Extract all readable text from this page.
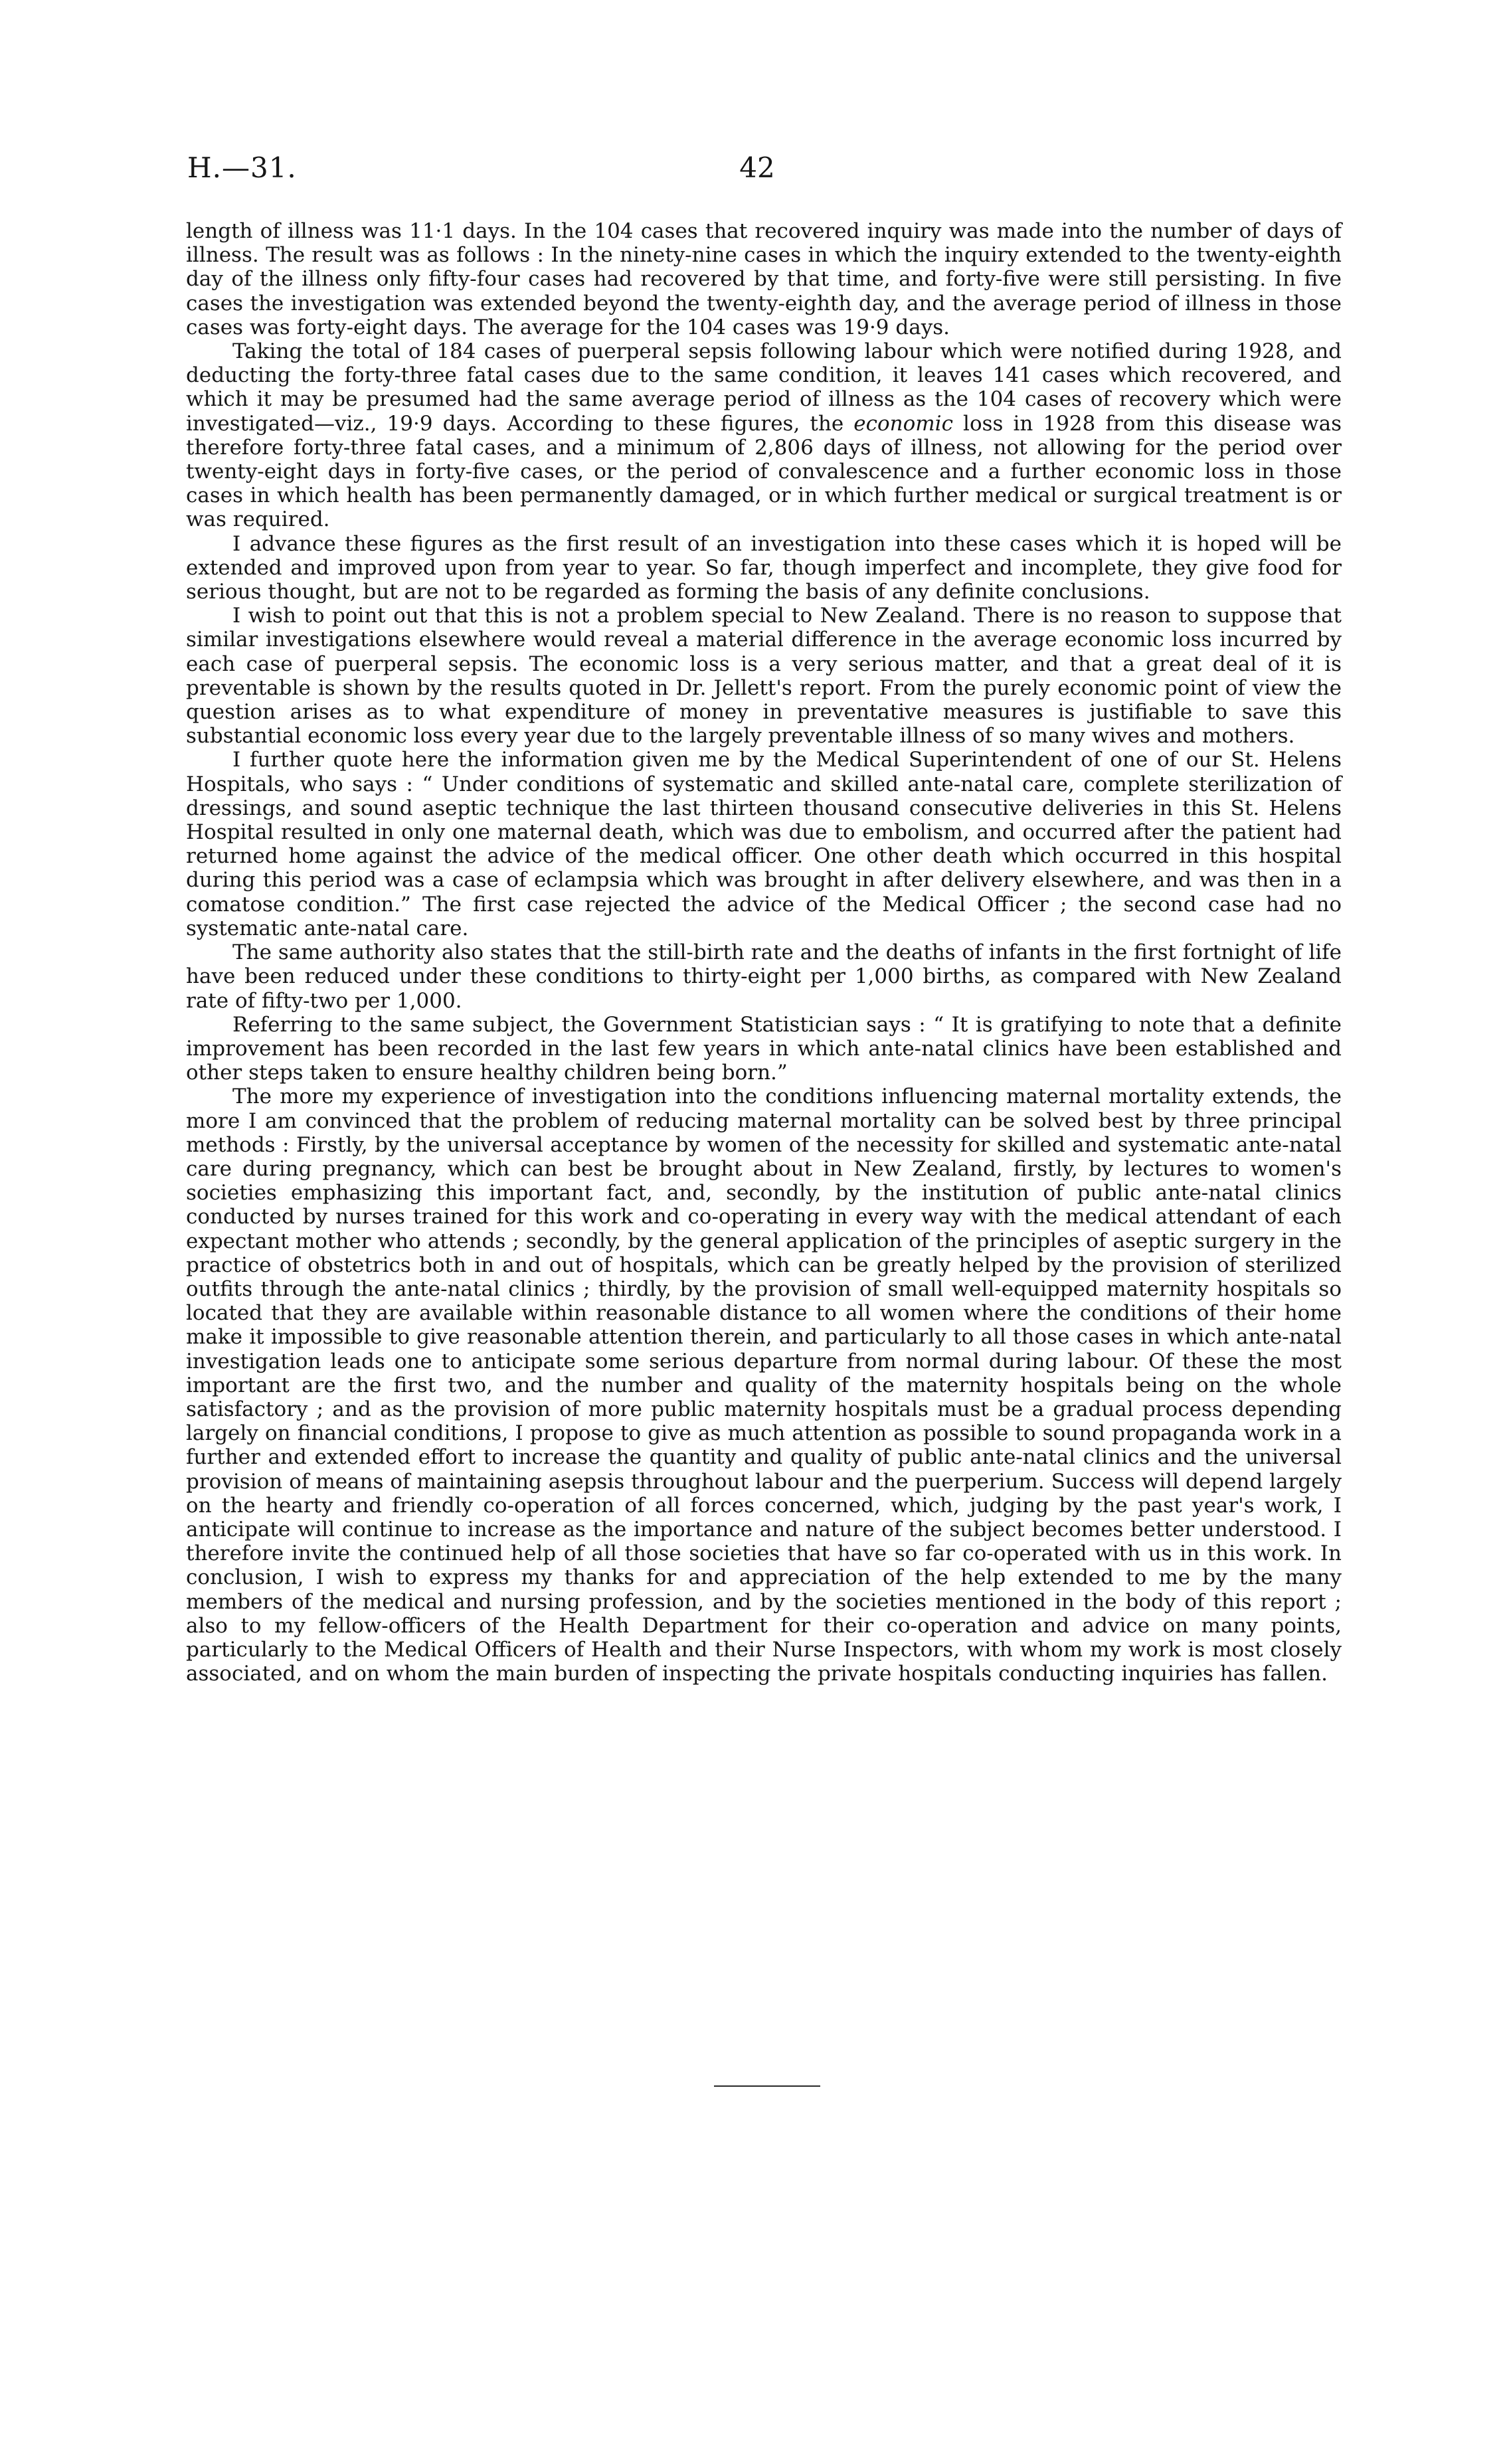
H.—31.	42

length of illness was 11·1 days. In the 104 cases that recovered inquiry was made into the number of days of illness. The result was as follows : In the ninety-nine cases in which the inquiry extended to the twenty-eighth day of the illness only fifty-four cases had recovered by that time, and forty-five were still persisting. In five cases the investigation was extended beyond the twenty-eighth day, and the average period of illness in those cases was forty-eight days. The average for the 104 cases was 19·9 days.

Taking the total of 184 cases of puerperal sepsis following labour which were notified during 1928, and deducting the forty-three fatal cases due to the same condition, it leaves 141 cases which recovered, and which it may be presumed had the same average period of illness as the 104 cases of recovery which were investigated—viz., 19·9 days. According to these figures, the economic loss in 1928 from this disease was therefore forty-three fatal cases, and a minimum of 2,806 days of illness, not allowing for the period over twenty-eight days in forty-five cases, or the period of convalescence and a further economic loss in those cases in which health has been permanently damaged, or in which further medical or surgical treatment is or was required.

I advance these figures as the first result of an investigation into these cases which it is hoped will be extended and improved upon from year to year. So far, though imperfect and incomplete, they give food for serious thought, but are not to be regarded as forming the basis of any definite conclusions.

I wish to point out that this is not a problem special to New Zealand. There is no reason to suppose that similar investigations elsewhere would reveal a material difference in the average economic loss incurred by each case of puerperal sepsis. The economic loss is a very serious matter, and that a great deal of it is preventable is shown by the results quoted in Dr. Jellett's report. From the purely economic point of view the question arises as to what expenditure of money in preventative measures is justifiable to save this substantial economic loss every year due to the largely preventable illness of so many wives and mothers.

I further quote here the information given me by the Medical Superintendent of one of our St. Helens Hospitals, who says : “ Under conditions of systematic and skilled ante-natal care, complete sterilization of dressings, and sound aseptic technique the last thirteen thousand consecutive deliveries in this St. Helens Hospital resulted in only one maternal death, which was due to embolism, and occurred after the patient had returned home against the advice of the medical officer. One other death which occurred in this hospital during this period was a case of eclampsia which was brought in after delivery elsewhere, and was then in a comatose condition.” The first case rejected the advice of the Medical Officer ; the second case had no systematic ante-natal care.

The same authority also states that the still-birth rate and the deaths of infants in the first fortnight of life have been reduced under these conditions to thirty-eight per 1,000 births, as compared with New Zealand rate of fifty-two per 1,000.

Referring to the same subject, the Government Statistician says : “ It is gratifying to note that a definite improvement has been recorded in the last few years in which ante-natal clinics have been established and other steps taken to ensure healthy children being born.”

The more my experience of investigation into the conditions influencing maternal mortality extends, the more I am convinced that the problem of reducing maternal mortality can be solved best by three principal methods : Firstly, by the universal acceptance by women of the necessity for skilled and systematic ante-natal care during pregnancy, which can best be brought about in New Zealand, firstly, by lectures to women's societies emphasizing this important fact, and, secondly, by the institution of public ante-natal clinics conducted by nurses trained for this work and co-operating in every way with the medical attendant of each expectant mother who attends ; secondly, by the general application of the principles of aseptic surgery in the practice of obstetrics both in and out of hospitals, which can be greatly helped by the provision of sterilized outfits through the ante-natal clinics ; thirdly, by the provision of small well-equipped maternity hospitals so located that they are available within reasonable distance to all women where the conditions of their home make it impossible to give reasonable attention therein, and particularly to all those cases in which ante-natal investigation leads one to anticipate some serious departure from normal during labour. Of these the most important are the first two, and the number and quality of the maternity hospitals being on the whole satisfactory ; and as the provision of more public maternity hospitals must be a gradual process depending largely on financial conditions, I propose to give as much attention as possible to sound propaganda work in a further and extended effort to increase the quantity and quality of public ante-natal clinics and the universal provision of means of maintaining asepsis throughout labour and the puerperium. Success will depend largely on the hearty and friendly co-operation of all forces concerned, which, judging by the past year's work, I anticipate will continue to increase as the importance and nature of the subject becomes better understood. I therefore invite the continued help of all those societies that have so far co-operated with us in this work. In conclusion, I wish to express my thanks for and appreciation of the help extended to me by the many members of the medical and nursing profession, and by the societies mentioned in the body of this report ; also to my fellow-officers of the Health Department for their co-operation and advice on many points, particularly to the Medical Officers of Health and their Nurse Inspectors, with whom my work is most closely associated, and on whom the main burden of inspecting the private hospitals conducting inquiries has fallen.
